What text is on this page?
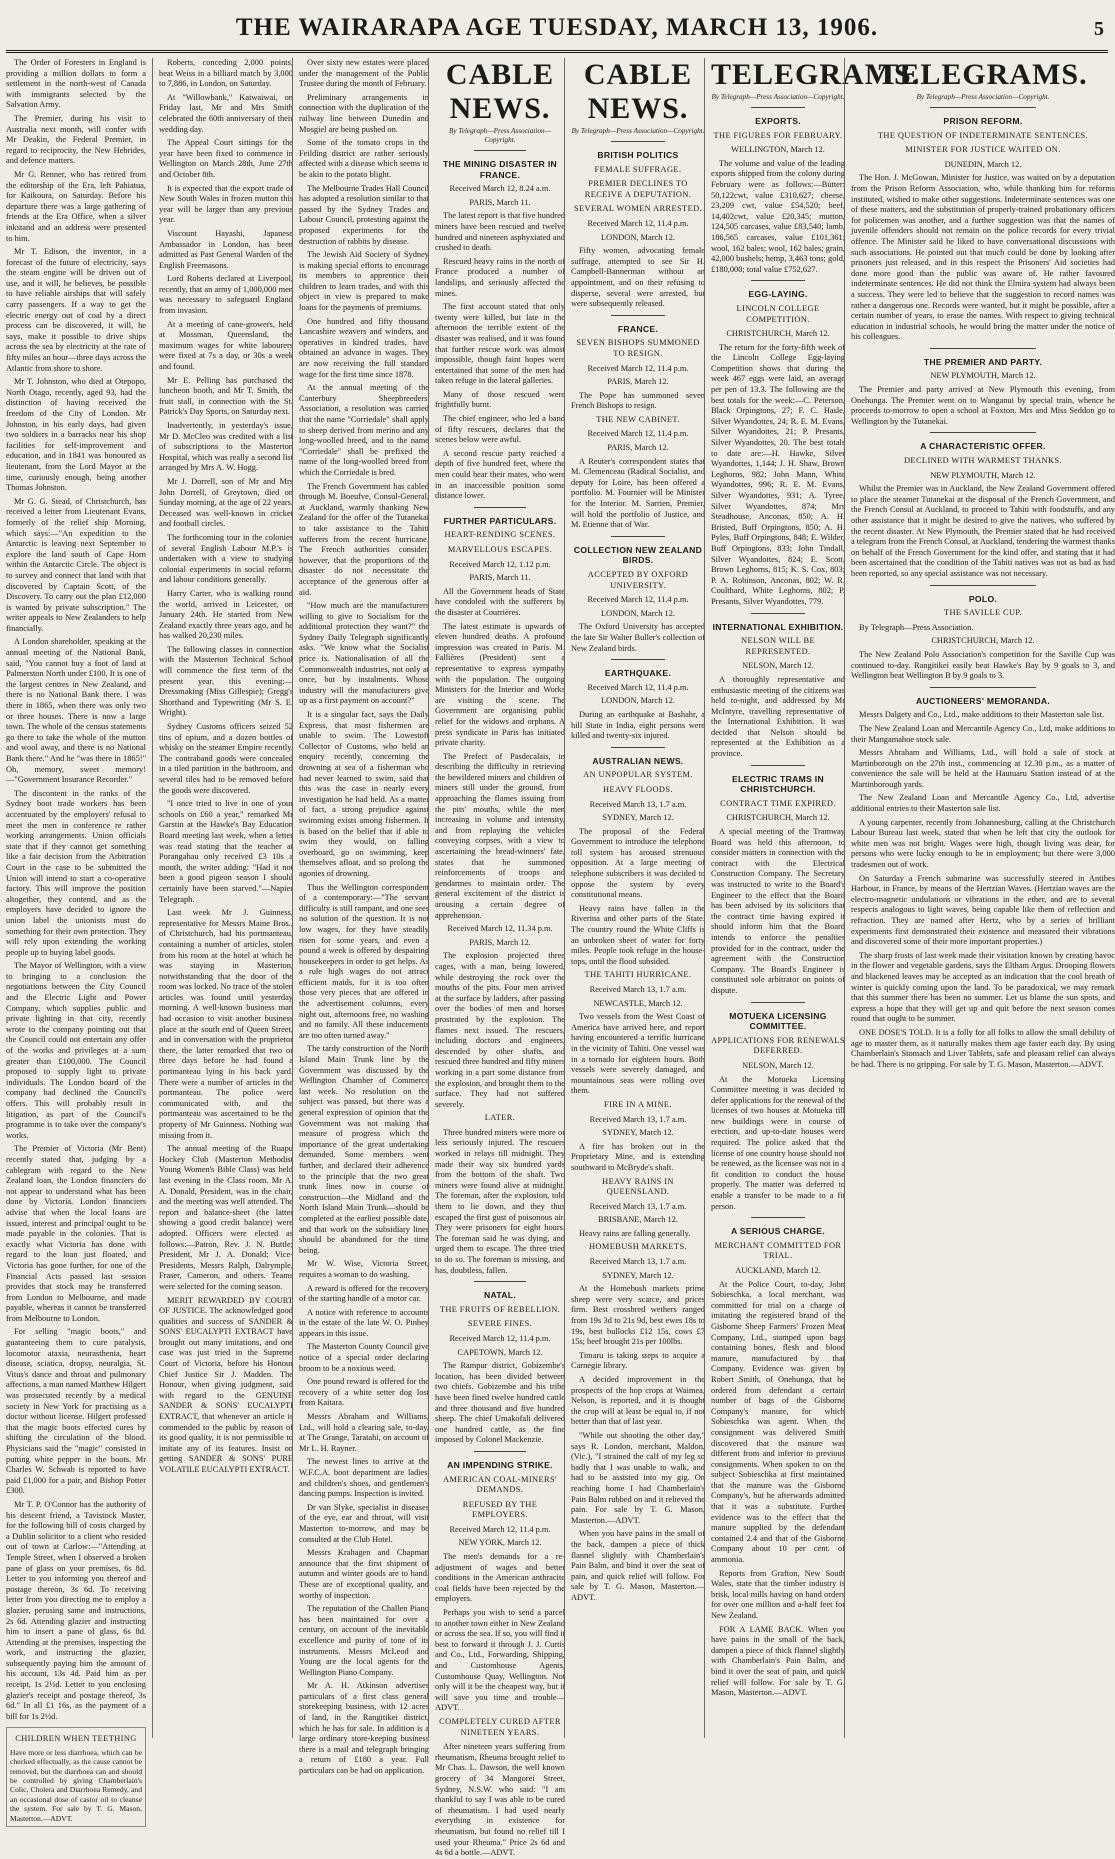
THE WAIRARAPA AGE TUESDAY, MARCH 13, 1906.	5

The Order of Foresters in England is providing a million dollars to form a settlement in the north-west of Canada with immigrants selected by the Salvation Army.

The Premier, during his visit to Australia next month, will confer with Mr Deakin, the Federal Premier, in regard to reciprocity, the New Hebrides, and defence matters.

Mr G. Renner, who has retired from the editorship of the Era, left Pahiatua, for Kaikoura, on Saturday. Before his departure there was a large gathering of friends at the Era Office, when a silver inkstand and an address were presented to him.

Mr T. Edison, the inventor, in a forecast of the future of electricity, says the steam engine will be driven out of use, and it will, he believes, be possible to have reliable airships that will safely carry passengers. If a way to get the electric energy out of coal by a direct process can be discovered, it will, he says, make it possible to drive ships across the sea by electricity at the rate of fifty miles an hour—three days across the Atlantic from shore to shore.

Mr T. Johnston, who died at Otepopo, North Otago, recently, aged 93, had the distinction of having received the freedom of the City of London. Mr Johnston, in his early days, had given two soldiers in a barracks near his shop facilities for self-improvement and education, and in 1841 was honoured as lieutenant, from the Lord Mayor at the time, curiously enough, being another Thomas Johnston.

Mr G. G. Stead, of Christchurch, has received a letter from Lieutenant Evans, formerly of the relief ship Morning, which says:—"An expedition to the Antarctic is leaving next September to explore the land south of Cape Horn within the Antarctic Circle. The object is to survey and connect that land with that discovered by Captain Scott, of the Discovery. To carry out the plan £12,000 is wanted by private subscription." The writer appeals to New Zealanders to help financially.

A London shareholder, speaking at the annual meeting of the National Bank, said, "You cannot buy a foot of land at Palmerston North under £100. It is one of the largest centres in New Zealand, and there is no National Bank there. I was there in 1865, when there was only two or three houses. There is now a large town. The whole of the census statements go there to take the whole of the mutton and wool away, and there is no National Bank there." And he "was there in 1865!" Oh, memory, sweet memory!—"Government Insurance Recorder."

The discontent in the ranks of the Sydney boot trade workers has been accentuated by the employers' refusal to meet the men in conference re rather working arrangements. Union officials state that if they cannot get something like a fair decision from the Arbitration Court in the case to be submitted the Union will intend to start a co-operative factory. This will improve the position altogether, they contend, and as the employers have decided to ignore the union label the unionists must do something for their own protection. They will rely upon extending the working people up to buying label goods.

The Mayor of Wellington, with a view to bringing to a conclusion the negotiations between the City Council and the Electric Light and Power Company, which supplies public and private lighting in that city, recently wrote to the company pointing out that the Council could not entertain any offer of the works and privileges at a sum greater than £100,000. The Council proposed to supply light to private individuals. The London board of the company had declined the Council's offers. This will probably result in litigation, as part of the Council's programme is to take over the company's works.

The Premier of Victoria (Mr Bent) recently stated that, judging by a cablegram with regard to the New Zealand loan, the London financiers do not appear to understand what has been done by Victoria. London financiers advise that when the local loans are issued, interest and principal ought to be made payable in the colonies. That is exactly what Victoria has done with regard to the loan just floated, and Victoria has gone further, for one of the Financial Acts passed last session provides that stock may be transferred from London to Melbourne, and made payable, whereas it cannot be transferred from Melbourne to London.

For selling "magic boots," and guaranteeing them to cure paralysis, locomotor ataxia, neurasthenia, heart disease, sciatica, dropsy, neuralgia, St. Vitus's dance and throat and pulmonary affections, a man named Matthew Hilgert was prosecuted recently by a medical society in New York for practising as a doctor without license. Hilgert professed that the magic boots effected cures by shifting the circulation of the blood. Physicians said the "magic" consisted in putting white pepper in the boots. Mr Charles W. Schwab is reported to have paid £1,000 for a pair, and Bishop Potter £300.

Mr T. P. O'Connor has the authority of his descent friend, a Tavistock Master, for the following bill of costs charged by a Dublin solicitor to a client who resided out of town at Carlow:—"Attending at Temple Street, when I observed a broken pane of glass on your premises, 6s 8d. Letter to you informing you thereof and postage thereon, 3s 6d. To receiving letter from you directing me to employ a glazier, perusing same and instructions, 2s 6d. Attending glazier and instructing him to insert a pane of glass, 6s 8d. Attending at the premises, inspecting the work, and instructing the glazier, subsequently paying him the amount of his account, 13s 4d. Paid him as per receipt, 1s 2½d. Letter to you enclosing glazier's receipt and postage thereof, 3s 6d." In all £1 16s, as the payment of a bill for 1s 2½d.

CHILDREN WHEN TEETHING
Have more or less diarrhoea, which can be checked effectually, as the cause cannot be removed, but the diarrhoea can and should be controlled by giving Chamberlain's Colic, Cholera and Diarrhoea Remedy, and an occasional dose of castor oil to cleanse the system. For sale by T. G. Mason, Masterton.—ADVT.

Roberts, conceding 2,000 points, beat Weiss in a billiard match by 3,000 to 7,886, in London, on Saturday.

At "Willowbank," Kaiwaiwai, on Friday last, Mr and Mrs Smith celebrated the 60th anniversary of their wedding day.

The Appeal Court sittings for the year have been fixed to commence in Wellington on March 28th, June 27th and October 8th.

It is expected that the export trade of New South Wales in frozen mutton this year will be larger than any previous year.

Viscount Hayashi, Japanese Ambassador in London, has been admitted as Past General Warden of the English Freemasons.

Lord Roberts declared at Liverpool, recently, that an army of 1,000,000 men was necessary to safeguard England from invasion.

At a meeting of cane-growers, held at Mossman, Queensland, the maximum wages for white labourers were fixed at 7s a day, or 30s a week and found.

Mr E. Pelling has purchased the luncheon booth, and Mr T. Smith, the fruit stall, in connection with the St. Patrick's Day Sports, on Saturday next.

Inadvertently, in yesterday's issue, Mr D. McCleo was credited with a list of subscriptions to the Masterton Hospital, which was really a second list arranged by Mrs A. W. Hogg.

Mr J. Dorrell, son of Mr and Mrs John Dorrell, of Greytown, died on Sunday morning, at the age of 22 years. Deceased was well-known in cricket and football circles.

The forthcoming tour in the colonies of several English Labour M.P.'s is undertaken with a view to studying colonial experiments in social reform, and labour conditions generally.

Harry Carter, who is walking round the world, arrived in Leicester, on January 24th. He started from New Zealand exactly three years ago, and he has walked 20,230 miles.

The following classes in connection with the Masterton Technical School will commence the first term of the present year, this evening:—Dressmaking (Miss Gillespie); Gregg's Shorthand and Typewriting (Mr S. E. Wright).

Sydney Customs officers seized 52 tins of opium, and a dozen bottles of whisky on the steamer Empire recently. The contraband goods were concealed in a tiled partition in the bathroom, and several tiles had to be removed before the goods were discovered.

"I once tried to live in one of your schools on £60 a year," remarked Mr Garstin at the Hawke's Bay Education Board meeting last week, when a letter was read stating that the teacher at Porangahau only received £3 10s a month, the writer adding: "Had it not been a good pigeon season I should certainly have been starved."—Napier Telegraph.

Last week Mr J. Guinness, representative for Messrs Maine Bros., of Christchurch, had his portmanteau, containing a number of articles, stolen from his room at the hotel at which he was staying in Masterton, notwithstanding that the door of the room was locked. No trace of the stolen articles was found until yesterday morning. A well-known business man had occasion to visit another business place at the south end of Queen Street, and in conversation with the proprietor there, the latter remarked that two or three days before he had found a portmanteau lying in his back yard. There were a number of articles in the portmanteau. The police were communicated with, and the portmanteau was ascertained to be the property of Mr Guinness. Nothing was missing from it.

The annual meeting of the Ruapu Hockey Club (Masterton Methodist Young Women's Bible Class) was held last evening in the Class room. Mr A. A. Donald, President, was in the chair, and the meeting was well attended. The report and balance-sheet (the latter showing a good credit balance) were adopted. Officers were elected as follows:—Patron, Rev. J. N. Buttle; President, Mr J. A. Donald; Vice-Presidents, Messrs Ralph, Dalrymple, Fraser, Cameron, and others. Teams were selected for the coming season.

MERIT REWARDED BY COURT OF JUSTICE. The acknowledged good qualities and success of SANDER & SONS' EUCALYPTI EXTRACT have brought out many imitations, and one case was just tried in the Supreme Court of Victoria, before his Honour Chief Justice Sir J. Madden. The Honour, when giving judgment, said with regard to the GENUINE SANDER & SONS' EUCALYPTI EXTRACT, that whenever an article is commended to the public by reason of its good quality, it is not permissible to imitate any of its features. Insist on getting SANDER & SONS' PURE VOLATILE EUCALYPTI EXTRACT.

Over sixty new estates were placed under the management of the Public Trustee during the month of February.

Preliminary arrangements in connection with the duplication of the railway line between Dunedin and Mosgiel are being pushed on.

Some of the tomato crops in the Feilding district are rather seriously affected with a disease which seems to be akin to the potato blight.

The Melbourne Trades Hall Council has adopted a resolution similar to that passed by the Sydney Trades and Labour Council, protesting against the proposed experiments for the destruction of rabbits by disease.

The Jewish Aid Society of Sydney is making special efforts to encourage its members to apprentice their children to learn trades, and with this object in view is prepared to make loans for the payments of premiums.

One hundred and fifty thousand Lancashire weavers and winders, and operatives in kindred trades, have obtained an advance in wages. They are now receiving the full standard wage for the first time since 1878.

At the annual meeting of the Canterbury Sheepbreeders' Association, a resolution was carried that the name "Corriedale" shall apply to sheep derived from merino and any long-woolled breed, and to the name "Corriedale" shall be prefixed the name of the long-woolled breed from which the Corriedale is bred.

The French Government has cabled through M. Boeufve, Consul-General, at Auckland, warmly thanking New Zealand for the offer of the Tutanekai to take assistance to the Tahiti sufferers from the recent hurricane. The French authorities consider, however, that the proportions of the disaster do not necessitate the acceptance of the generous offer at aid.

"How much are the manufacturers willing to give to Socialism for the additional protection they want?" the Sydney Daily Telegraph significantly asks. "We know what the Socialist price is. Nationalisation of all the Commonwealth industries, not only at once, but by instalments. Whose industry will the manufacturers give up as a first payment on account?"

It is a singular fact, says the Daily Express, that most fishermen are unable to swim. The Lowestoft Collector of Customs, who held an enquiry recently, concerning the drowning at sea of a fisherman who had never learned to swim, said that this was the case in nearly every investigation he had held. As a matter of fact, a strong prejudice against swimming exists among fishermen. It is based on the belief that if able to swim they would, on falling overboard, go on swimming, keep themselves afloat, and so prolong the agonies of drowning.

Thus the Wellington correspondent of a contemporary:—"The servant difficulty is still rampant, and one sees no solution of the question. It is not low wages, for they have steadily risen for some years, and even a pound a week is offered by despairing housekeepers in order to get helps. As a rule high wages do not attract efficient maids, for it is too often those very pieces that are offered in the advertisement columns, every night out, afternoons free, no washing and no family. All these inducements are too often turned away."

The tardy construction of the North Island Main Trunk line by the Government was discussed by the Wellington Chamber of Commerce last week. No resolution on the subject was passed, but there was a general expression of opinion that the Government was not making that measure of progress which the importance of the great undertaking demanded. Some members went further, and declared their adherence to the principle that the two great trunk lines now in course of construction—the Midland and the North Island Main Trunk—should be completed at the earliest possible date, and that work on the subsidiary lines should be abandoned for the time being.

Mr W. Wise, Victoria Street, requires a woman to do washing.

A reward is offered for the recovery of the starting handle of a motor car.

A notice with reference to accounts in the estate of the late W. O. Pinhey appears in this issue.

The Masterton County Council give notice of a special order declaring broom to be a noxious weed.

One pound reward is offered for the recovery of a white setter dog lost from Kaitara.

Messrs Abraham and Williams, Ltd., will hold a clearing sale, to-day, at The Grange, Taratahi, on account of Mr L. H. Rayner.

The newest lines to arrive at the W.F.C.A. boot department are ladies' and children's shoes, and gentlemen's dancing pumps. Inspection is invited.

Dr van Slyke, specialist in diseases of the eye, ear and throat, will visit Masterton to-morrow, and may be consulted at the Club Hotel.

Messrs Krahagen and Chapman announce that the first shipment of autumn and winter goods are to hand. These are of exceptional quality, and worthy of inspection.

The reputation of the Challen Piano has been maintained for over a century, on account of the inevitable excellence and purity of tone of its instruments. Messrs McLeod and Young are the local agents for the Wellington Piano Company.

Mr A. H. Atkinson advertises particulars of a first class general storekeeping business, with 12 acres of land, in the Rangitikei district, which he has for sale. In addition is a large ordinary store-keeping business there is a mail and telegraph bringing a return of £180 a year. Full particulars can be had on application.

CABLE NEWS.
By Telegraph—Press Association—Copyright.
THE MINING DISASTER IN FRANCE.
Received March 12, 8.24 a.m.
PARIS, March 11.

The latest report is that five hundred miners have been rescued and twelve hundred and nineteen asphyxiated and crushed to death.

Rescued heavy rains in the north of France produced a number of landslips, and seriously affected the mines.

The first account stated that only twenty were killed, but late in the afternoon the terrible extent of the disaster was realised, and it was found that further rescue work was almost impossible, though faint hopes were entertained that some of the men had taken refuge in the lateral galleries.

Many of those rescued were frightfully burnt.

The chief engineer, who led a band of fifty rescuers, declares that the scenes below were awful.

A second rescue party reached a depth of five hundred feet, where the men could hear their mates, who were in an inaccessible position some distance lower.

FURTHER PARTICULARS.
HEART-RENDING SCENES.
MARVELLOUS ESCAPES.
Received March 12, 1.12 p.m.
PARIS, March 11.

All the Government heads of State have condoled with the sufferers by the disaster at Courrières.

The latest estimate is upwards of eleven hundred deaths. A profound impression was created in Paris. M. Fallières (President) sent a representative to express sympathy with the population. The outgoing Ministers for the Interior and Works are visiting the scene. The Government are organising public relief for the widows and orphans. A press syndicate in Paris has initiated private charity.

The Prefect of Pasdecalais, in describing the difficulty in retrieving the bewildered miners and children of miners still under the ground, from approaching the flames issuing from the pits' mouths, while the men increasing in volume and intensity, and from replaying the vehicles conveying corpses, with a view to ascertaining the bread-winners' fate, states that he summoned reinforcements of troops and gendarmes to maintain order. The general excitement of the district is arousing a certain degree of apprehension.

Received March 12, 11.34 p.m.
PARIS, March 12.

The explosion projected three cages, with a man, being lowered, while destroying the rock over the mouths of the pits. Four men arrived at the surface by ladders, after passing over the bodies of men and horses prostrated by the explosion. The flames next issued. The rescuers, including doctors and engineers, descended by other shafts, and rescued three hundred and fifty miners working in a part some distance from the explosion, and brought them to the surface. They had not suffered severely.

LATER.

Three hundred miners were more or less seriously injured. The rescuers worked in relays till midnight. They made their way six hundred yards from the bottom of the shaft. Two miners were found alive at midnight. The foreman, after the explosion, told them to lie down, and they thus escaped the first gust of poisonous air. They were prisoners for eight hours. The foreman said he was dying, and urged them to escape. The three tried to do so. The foreman is missing, and has, doubtless, fallen.

NATAL.
THE FRUITS OF REBELLION.
SEVERE FINES.
Received March 12, 11.4 p.m.
CAPETOWN, March 12.

The Rampur district, Gobizembe's location, has been divided between two chiefs. Gobizembe and his tribe have been fined twelve hundred cattle and three thousand and five hundred sheep. The chief Umakofali delivered one hundred cattle, as the fine imposed by Colonel Mackenzie.

AN IMPENDING STRIKE.
AMERICAN COAL-MINERS' DEMANDS.
REFUSED BY THE EMPLOYERS.
Received March 12, 11.4 p.m.
NEW YORK, March 12.

The men's demands for a re-adjustment of wages and better conditions in the American anthracite coal fields have been rejected by the employers.

Perhaps you wish to send a parcel to another town either in New Zealand or across the sea. If so, you will find it best to forward it through J. J. Curtis and Co., Ltd., Forwarding, Shipping, and Customhouse Agents, Customhouse Quay, Wellington. Not only will it be the cheapest way, but it will save you time and trouble—ADVT.

COMPLETELY CURED AFTER NINETEEN YEARS.

After nineteen years suffering from rheumatism, Rheuma brought relief to Mr Chas. L. Dawson, the well known grocery of 34 Mangorei Street, Sydney, N.S.W. who said: "I am thankful to say I was able to be cured of rheumatism. I had used nearly everything in existence for rheumatism, but found no relief till I used your Rheuma." Price 2s 6d and 4s 6d a bottle.—ADVT.

CABLE NEWS.
By Telegraph—Press Association—Copyright.
BRITISH POLITICS
FEMALE SUFFRAGE.
PREMIER DECLINES TO RECEIVE A DEPUTATION.
SEVERAL WOMEN ARRESTED.
Received March 12, 11.4 p.m.
LONDON, March 12.

Fifty women, advocating female suffrage, attempted to see Sir H. Campbell-Bannerman without an appointment, and on their refusing to disperse, several were arrested, but were subsequently released.

FRANCE.
SEVEN BISHOPS SUMMONED TO RESIGN.
Received March 12, 11.4 p.m.
PARIS, March 12.

The Pope has summoned seven French Bishops to resign.

THE NEW CABINET.
Received March 12, 11.4 p.m.
PARIS, March 12.

A Reuter's correspondent states that M. Clemenceau (Radical Socialist, and deputy for Loire, has been offered a portfolio. M. Fournier will be Minister for the Interior. M. Sarrien, Premier, will hold the portfolio of Justice, and M. Etienne that of War.

COLLECTION NEW ZEALAND BIRDS.
ACCEPTED BY OXFORD UNIVERSITY.
Received March 12, 11.4 p.m.
LONDON, March 12.

The Oxford University has accepted the late Sir Walter Buller's collection of New Zealand birds.

EARTHQUAKE.
Received March 12, 11.4 p.m.
LONDON, March 12.

During an earthquake at Bashahr, a hill State in India, eight persons were killed and twenty-six injured.

AUSTRALIAN NEWS.
AN UNPOPULAR SYSTEM.
HEAVY FLOODS.
Received March 13, 1.7 a.m.
SYDNEY, March 12.

The proposal of the Federal Government to introduce the telephone toll system has aroused strenuous opposition. At a large meeting of telephone subscribers it was decided to oppose the system by every constitutional means.

Heavy rains have fallen in the Riverina and other parts of the State. The country round the White Cliffs is an unbroken sheet of water for forty miles. People took refuge in the house-tops, until the flood subsided.

THE TAHITI HURRICANE.
Received March 13, 1.7 a.m.
NEWCASTLE, March 12.

Two vessels from the West Coast of America have arrived here, and report having encountered a terrific hurricane in the vicinity of Tahiti. One vessel was in a tornado for eighteen hours. Both vessels were severely damaged, and mountainous seas were rolling over them.

FIRE IN A MINE.
Received March 13, 1.7 a.m.
SYDNEY, March 12.

A fire has broken out in the Proprietary Mine, and is extending southward to McBryde's shaft.

HEAVY RAINS IN QUEENSLAND.
Received March 13, 1.7 a.m.
BRISBANE, March 12.

Heavy rains are falling generally.

HOMEBUSH MARKETS.
Received March 13, 1.7 a.m.
SYDNEY, March 12.

At the Homebush markets prime sheep were very scarce, and prices firm. Best crossbred wethers ranged from 19s 3d to 21s 9d, best ewes 18s to 19s, best bullocks £12 15s, cows £7 15s; beef brought 21s per 100lbs.

Timaru is taking steps to acquire a Carnegie library.

A decided improvement in the prospects of the hop crops at Waimea, Nelson, is reported, and it is thought the crop will at least be equal to, if not better than that of last year.

"While out shooting the other day," says R. London, merchant, Maldon, (Vic.), "I strained the calf of my leg so badly that I was unable to walk, and had to be assisted into my gig. On reaching home I had Chamberlain's Pain Balm rubbed on and it relieved the pain. For sale by T. G. Mason, Masterton.—ADVT.

When you have pains in the small of the back, dampen a piece of thick flannel slightly with Chamberlain's Pain Balm, and bind it over the seat of pain, and quick relief will follow. For sale by T. G. Mason, Masterton.—ADVT.

TELEGRAMS.
By Telegraph—Press Association—Copyright.
EXPORTS.
THE FIGURES FOR FEBRUARY.
WELLINGTON, March 12.

The volume and value of the leading exports shipped from the colony during February were as follows:—Butter: 50,122cwt, value £310,627; cheese, 23,209 cwt, value £54,520; beef, 14,402cwt, value £20,345; mutton, 124,505 carcases, value £83,540; lamb, 186,565 carcases, value £101,361; wool, 162 bales; wool, 162 bales; grain, 42,000 bushels; hemp, 3,463 tons; gold, £180,000; total value £752,627.

EGG-LAYING.
LINCOLN COLLEGE COMPETITION.
CHRISTCHURCH, March 12.

The return for the forty-fifth week of the Lincoln College Egg-laying Competition shows that during the week 467 eggs were laid, an average per pen of 13.3. The following are the best totals for the week:—C. Peterson, Black Orpingtons, 27; F. C. Hasle, Silver Wyandottes, 24; R. E. M. Evans, Silver Wyandottes, 21; P. Presants, Silver Wyandottes, 20. The best totals to date are:—H. Hawke, Silver Wyandottes, 1,144; J. H. Shaw, Brown Leghorns, 982; John Mann, White Wyandottes, 996; R. E. M. Evans, Silver Wyandottes, 931; A. Tyree, Silver Wyandottes, 874; Mrs Steadhouse, Anconas, 850; A. H. Bristed, Buff Orpingtons, 850; A. H. Pyles, Buff Orpingtons, 848; E. Wilder, Buff Orpingtons, 833; John Tindall, Silver Wyandottes, 824; E. Scott, Brown Leghorns, 815; K. S. Cox, 803; P. A. Robinson, Anconas, 802; W. R. Coulthard, White Leghorns, 802; P. Presants, Silver Wyandottes, 779.

INTERNATIONAL EXHIBITION.
NELSON WILL BE REPRESENTED.
NELSON, March 12.

A thoroughly representative and enthusiastic meeting of the citizens was held to-night, and addressed by Mr McIntyre, travelling representative of the International Exhibition. It was decided that Nelson should be represented at the Exhibition as a province.

ELECTRIC TRAMS IN CHRISTCHURCH.
CONTRACT TIME EXPIRED.
CHRISTCHURCH, March 12.

A special meeting of the Tramway Board was held this afternoon, to consider matters in connection with the contract with the Electrical Construction Company. The Secretary was instructed to write to the Board's Engineer to the effect that the Board has been advised by its solicitors that the contract time having expired it should inform him that the Board intends to enforce the penalties provided for in the contract, under the agreement with the Construction Company. The Board's Engineer is constituted sole arbitrator on points of dispute.

MOTUEKA LICENSING COMMITTEE.
APPLICATIONS FOR RENEWALS DEFERRED.
NELSON, March 12.

At the Motueka Licensing Committee meeting it was decided to defer applications for the renewal of the licenses of two houses at Motueka till new buildings were in course of erection, and up-to-date houses were required. The police asked that the license of one country house should not be renewed, as the licensee was not in a fit condition to conduct the house properly. The matter was deferred to enable a transfer to be made to a fit person.

A SERIOUS CHARGE.
MERCHANT COMMITTED FOR TRIAL.
AUCKLAND, March 12.

At the Police Court, to-day, John Sobieschka, a local merchant, was committed for trial on a charge of imitating the registered brand of the Gisborne Sheep Farmers' Frozen Meat Company, Ltd., stamped upon bags containing bones, flesh and blood manure, manufactured by that Company. Evidence was given by Robert Smith, of Onehunga, that he ordered from defendant a certain number of bags of the Gisborne Company's manure, for which Sobieschka was agent. When the consignment was delivered Smith discovered that the manure was different from and inferior to previous consignments. When spoken to on the subject Sobieschka at first maintained that the manure was the Gisborne Company's, but he afterwards admitted that it was a substitute. Further evidence was to the effect that the manure supplied by the defendant contained 2.4 and that of the Gisborne Company about 10 per cent. of ammonia.

Reports from Grafton, New South Wales, state that the timber industry is brisk, local mills having on hand orders for over one million and a-half feet for New Zealand.

FOR A LAME BACK. When you have pains in the small of the back, dampen a piece of thick flannel slightly with Chamberlain's Pain Balm, and bind it over the seat of pain, and quick relief will follow. For sale by T. G. Mason, Masterton.—ADVT.

TELEGRAMS.
By Telegraph—Press Association—Copyright.
PRISON REFORM.
THE QUESTION OF INDETERMINATE SENTENCES.
MINISTER FOR JUSTICE WAITED ON.
DUNEDIN, March 12.

The Hon. J. McGowan, Minister for Justice, was waited on by a deputation from the Prison Reform Association, who, while thanking him for reforms instituted, wished to make other suggestions. Indeterminate sentences was one of these matters, and the substitution of properly-trained probationary officers for policemen was another, and a further suggestion was that the names of juvenile offenders should not remain on the police records for every trivial offence. The Minister said he liked to have conversational discussions with such associations. He pointed out that much could be done by looking after prisoners just released, and in this respect the Prisoners' Aid societies had done more good than the public was aware of. He rather favoured indeterminate sentences. He did not think the Elmira system had always been a success. They were led to believe that the suggestion to record names was rather a dangerous one. Records were wanted, but it might be possible, after a certain number of years, to erase the names. With respect to giving technical education in industrial schools, he would bring the matter under the notice of his colleagues.

THE PREMIER AND PARTY.
NEW PLYMOUTH, March 12.

The Premier and party arrived at New Plymouth this evening, from Onehunga. The Premier went on to Wanganui by special train, whence he proceeds to-morrow to open a school at Foxton. Mrs and Miss Seddon go to Wellington by the Tutanekai.

A CHARACTERISTIC OFFER.
DECLINED WITH WARMEST THANKS.
NEW PLYMOUTH, March 12.

Whilst the Premier was in Auckland, the New Zealand Government offered to place the steamer Tutanekai at the disposal of the French Government, and the French Consul at Auckland, to proceed to Tahiti with foodstuffs, and any other assistance that it might be desired to give the natives, who suffered by the recent disaster. At New Plymouth, the Premier stated that he had received a telegram from the French Consul, at Auckland, tendering the warmest thanks on behalf of the French Government for the kind offer, and stating that it had been ascertained that the condition of the Tahiti natives was not as bad as had been reported, so any special assistance was not necessary.

POLO.
THE SAVILLE CUP.

By Telegraph—Press Association.

CHRISTCHURCH, March 12.

The New Zealand Polo Association's competition for the Saville Cup was continued to-day. Rangitikei easily beat Hawke's Bay by 9 goals to 3, and Wellington beat Wellington B by 9 goals to 3.

AUCTIONEERS' MEMORANDA.

Messrs Dalgety and Co., Ltd., make additions to their Masterton sale list.

The New Zealand Loan and Mercantile Agency Co., Ltd, make additions to their Mangamahoe stock sale.

Messrs Abraham and Williams, Ltd., will hold a sale of stock at Martinborough on the 27th inst., commencing at 12.30 p.m., as a matter of convenience the sale will be held at the Hautuaru Station instead of at the Martinborough yards.

The New Zealand Loan and Mercantile Agency Co., Ltd, advertise additional entries to their Masterton sale list.

A young carpenter, recently from Johannesburg, calling at the Christchurch Labour Bureau last week, stated that when he left that city the outlook for white men was not bright. Wages were high, though living was dear, for persons who were lucky enough to be in employment; but there were 3,000 tradesmen out of work.

On Saturday a French submarine was successfully steered in Antibes Harbour, in France, by means of the Hertzian Waves. (Hertzian waves are the electro-magnetic undulations or vibrations in the ether, and are to several respects analogous to light waves, being capable like them of reflection and refraction. They are named after Hertz, who by a series of brilliant experiments first demonstrated their existence and measured their vibrations and discovered some of their more important properties.)

The sharp frosts of last week made their visitation known by creating havoc in the flower and vegetable gardens, says the Eltham Argus. Drooping flowers and blackened leaves may be accepted as an indication that the cool breath of winter is quickly coming upon the land. To be paradoxical, we may remark that this summer there has been no summer. Let us blame the sun spots, and express a hope that they will get up and quit before the next season comes round that ought to be summer.

ONE DOSE'S TOLD. It is a folly for all folks to allow the small debility of age to master them, as it naturally makes them age faster each day. By using Chamberlain's Stomach and Liver Tablets, safe and pleasant relief can always be had. There is no gripping. For sale by T. G. Mason, Masterton.—ADVT.
